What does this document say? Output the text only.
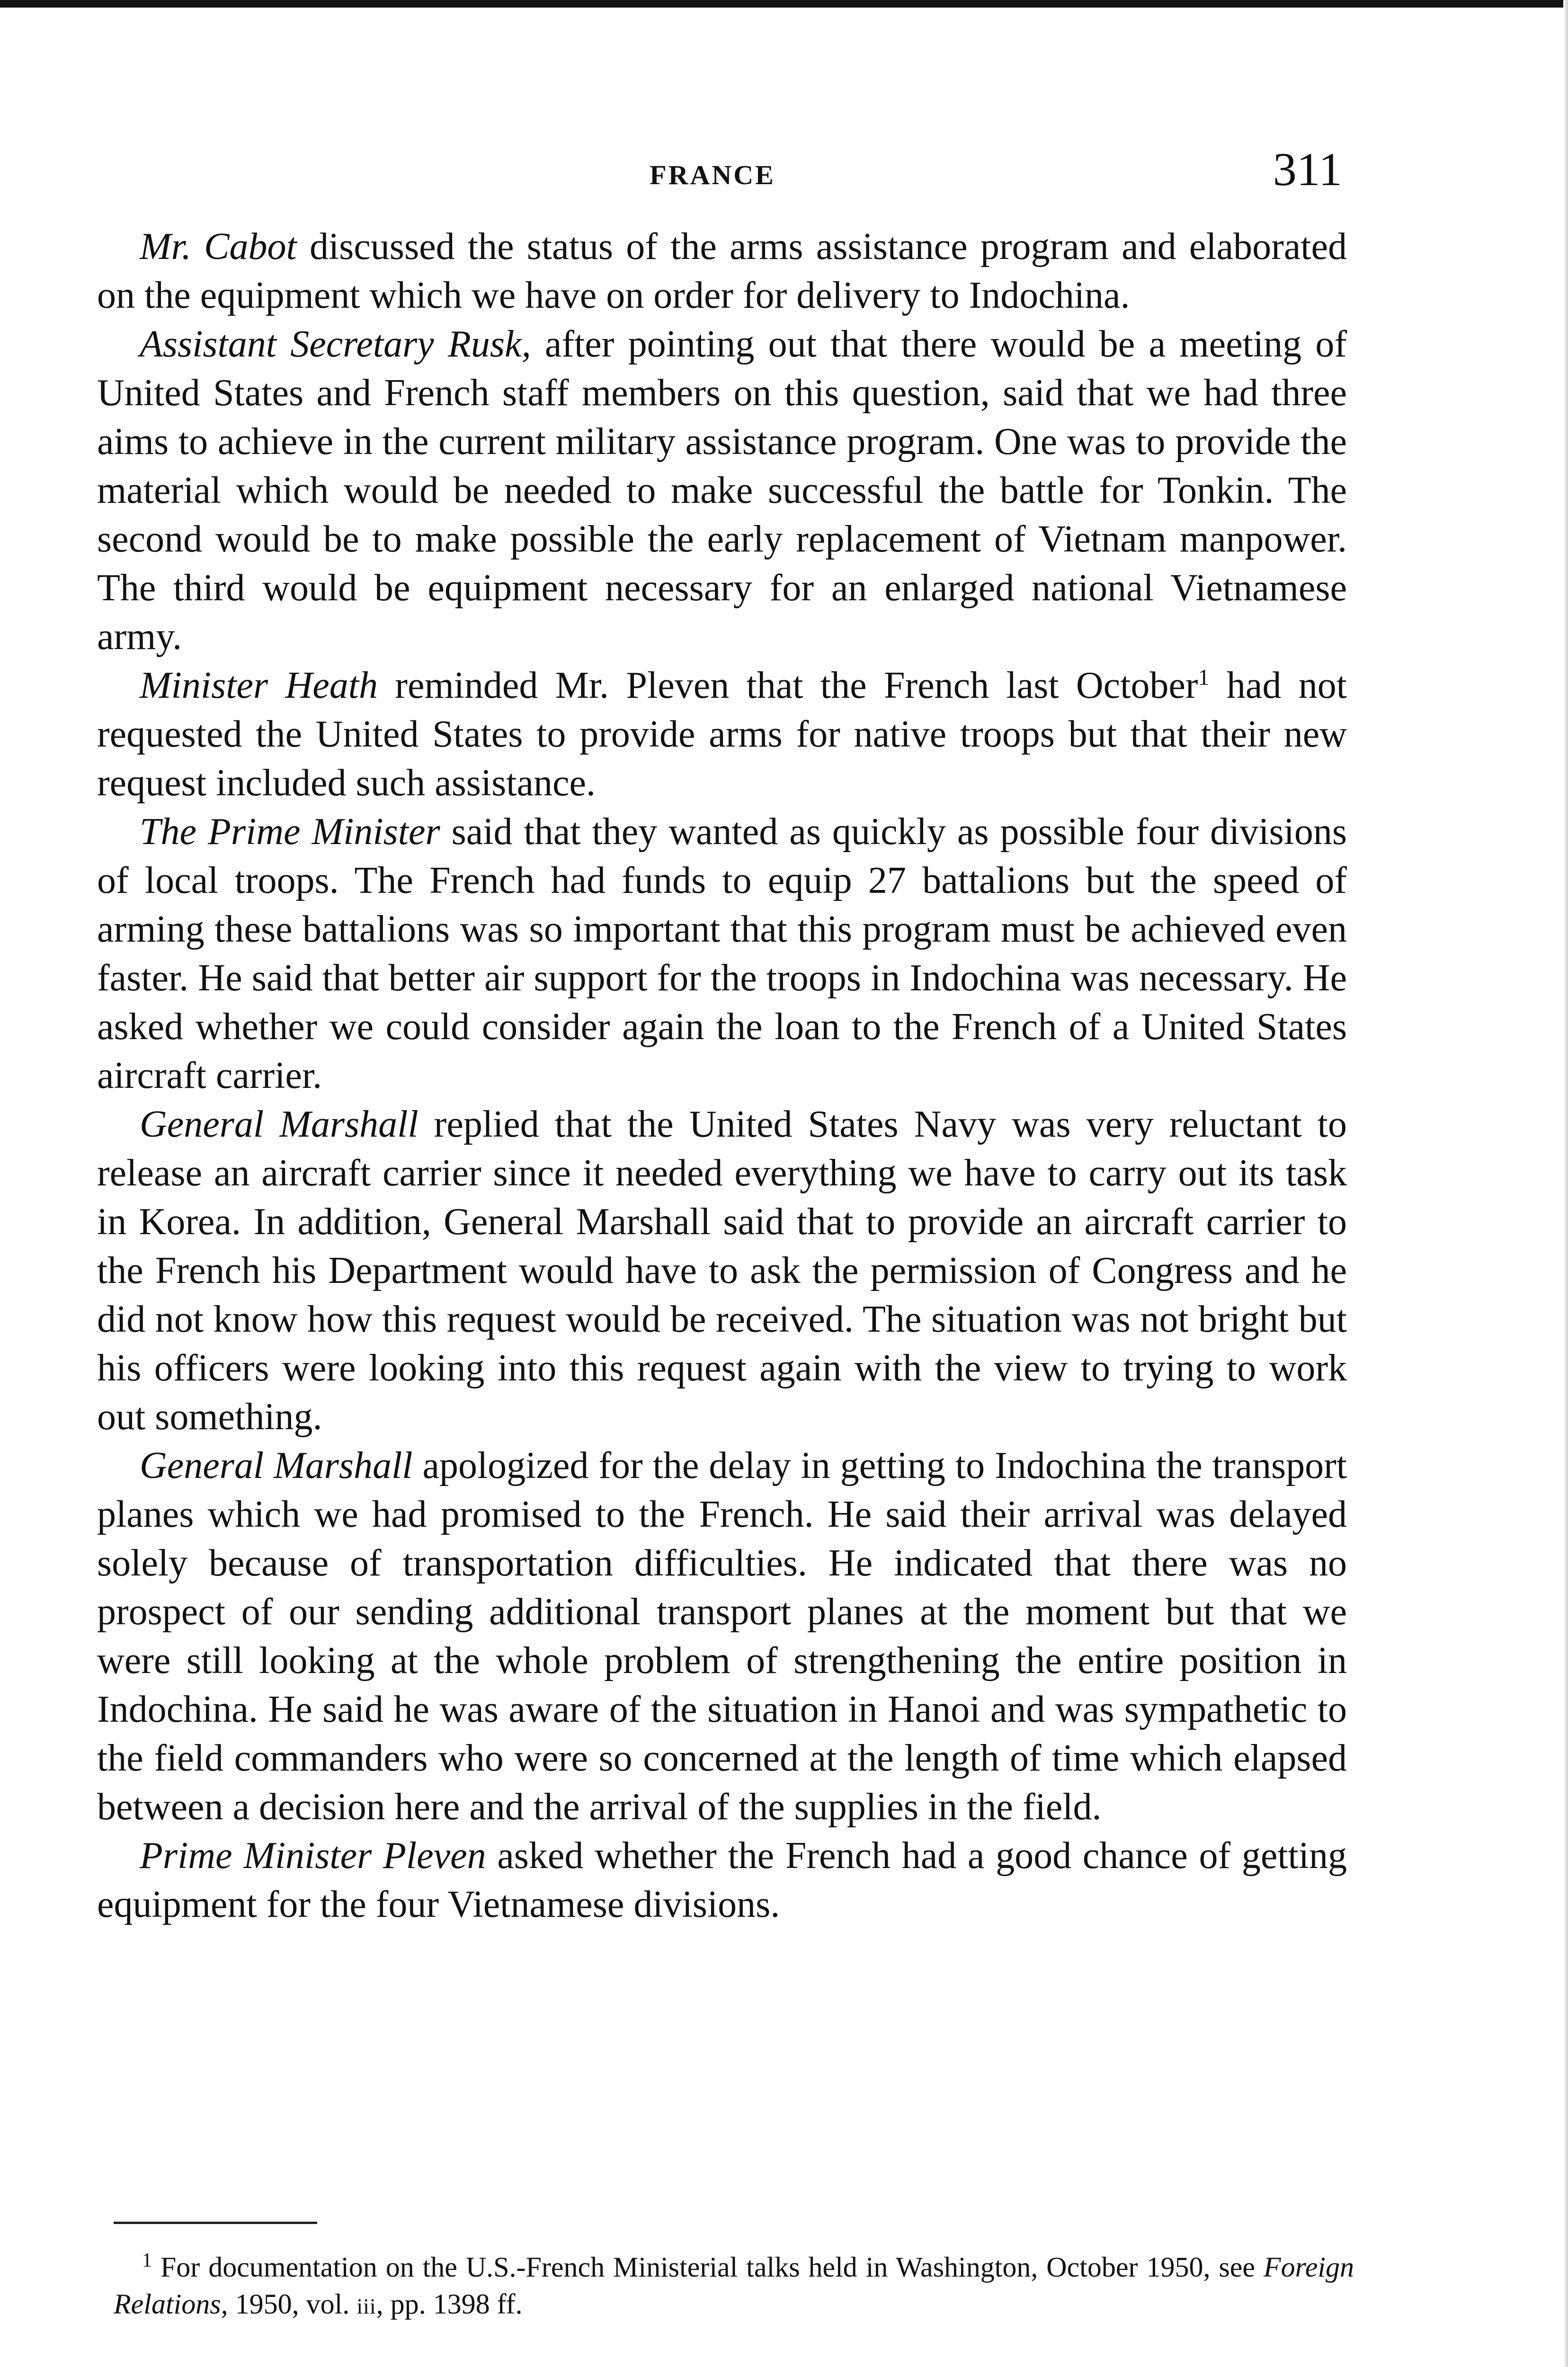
FRANCE	311

Mr. Cabot discussed the status of the arms assistance program and elaborated on the equipment which we have on order for delivery to Indochina.

Assistant Secretary Rusk, after pointing out that there would be a meeting of United States and French staff members on this question, said that we had three aims to achieve in the current military assistance program. One was to provide the material which would be needed to make successful the battle for Tonkin. The second would be to make possible the early replacement of Vietnam manpower. The third would be equipment necessary for an enlarged national Vietnamese army.

Minister Heath reminded Mr. Pleven that the French last October$^1$ had not requested the United States to provide arms for native troops but that their new request included such assistance.

The Prime Minister said that they wanted as quickly as possible four divisions of local troops. The French had funds to equip 27 battalions but the speed of arming these battalions was so important that this program must be achieved even faster. He said that better air support for the troops in Indochina was necessary. He asked whether we could consider again the loan to the French of a United States aircraft carrier.

General Marshall replied that the United States Navy was very reluctant to release an aircraft carrier since it needed everything we have to carry out its task in Korea. In addition, General Marshall said that to provide an aircraft carrier to the French his Department would have to ask the permission of Congress and he did not know how this request would be received. The situation was not bright but his officers were looking into this request again with the view to trying to work out something.

General Marshall apologized for the delay in getting to Indochina the transport planes which we had promised to the French. He said their arrival was delayed solely because of transportation difficulties. He indicated that there was no prospect of our sending additional transport planes at the moment but that we were still looking at the whole problem of strengthening the entire position in Indochina. He said he was aware of the situation in Hanoi and was sympathetic to the field commanders who were so concerned at the length of time which elapsed between a decision here and the arrival of the supplies in the field.

Prime Minister Pleven asked whether the French had a good chance of getting equipment for the four Vietnamese divisions.

$^1$ For documentation on the U.S.-French Ministerial talks held in Washington, October 1950, see Foreign Relations, 1950, vol. iii, pp. 1398 ff.
